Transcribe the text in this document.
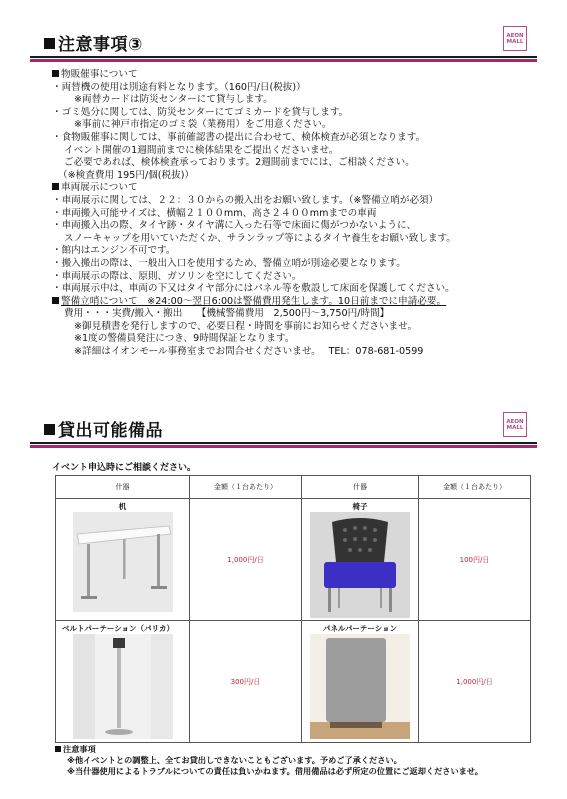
注意事項③	AEON
MALL
物販催事について
・両替機の使用は別途有料となります。（160円/日(税抜)）
※両替カードは防災センターにて貸与します。
・ゴミ処分に関しては、防災センターにてゴミカードを貸与します。
※事前に神戸市指定のゴミ袋（業務用）をご用意ください。
・食物販催事に関しては、事前確認書の提出に合わせて、検体検査が必須となります。
イベント開催の1週間前までに検体結果をご提出くださいませ。
ご必要であれば、検体検査承っております。2週間前までには、ご相談ください。
（※検査費用 195円/個(税抜)）
車両展示について
・車両展示に関しては、２２：３０からの搬入出をお願い致します。（※警備立哨が必須）
・車両搬入可能サイズは、横幅２１００mm、高さ２４００mmまでの車両
・車両搬入出の際、タイヤ跡・タイヤ溝に入った石等で床面に傷がつかないように、
スノーキャップを用いていただくか、サランラップ等によるタイヤ養生をお願い致します。
・館内はエンジン不可です。
・搬入搬出の際は、一般出入口を使用するため、警備立哨が別途必要となります。
・車両展示の際は、原則、ガソリンを空にしてください。
・車両展示中は、車両の下又はタイヤ部分にはパネル等を敷設して床面を保護してください。
警備立哨について　※24:00～翌日6:00は警備費用発生します。10日前までに申請必要。
費用・・・実費/搬入・搬出　　【機械警備費用　2,500円～3,750円/時間】
※御見積書を発行しますので、必要日程・時間を事前にお知らせくださいませ。
※1度の警備員発注につき、9時間保証となります。
※詳細はイオンモール事務室までお問合せくださいませ。　 TEL：078-681-0599
貸出可能備品	AEON
MALL
イベント申込時にご相談ください。
什器	金額（１台あたり）	什器	金額（１台あたり）

机	1,000円/日	椅子	100円/日

ベルトパーテーション（パリカ）	300円/日	パネルパーテーション	1,000円/日
注意事項
※他イベントとの調整上、全てお貸出しできないこともございます。予めご了承ください。
※当什器使用によるトラブルについての責任は負いかねます。借用備品は必ず所定の位置にご返却くださいませ。
